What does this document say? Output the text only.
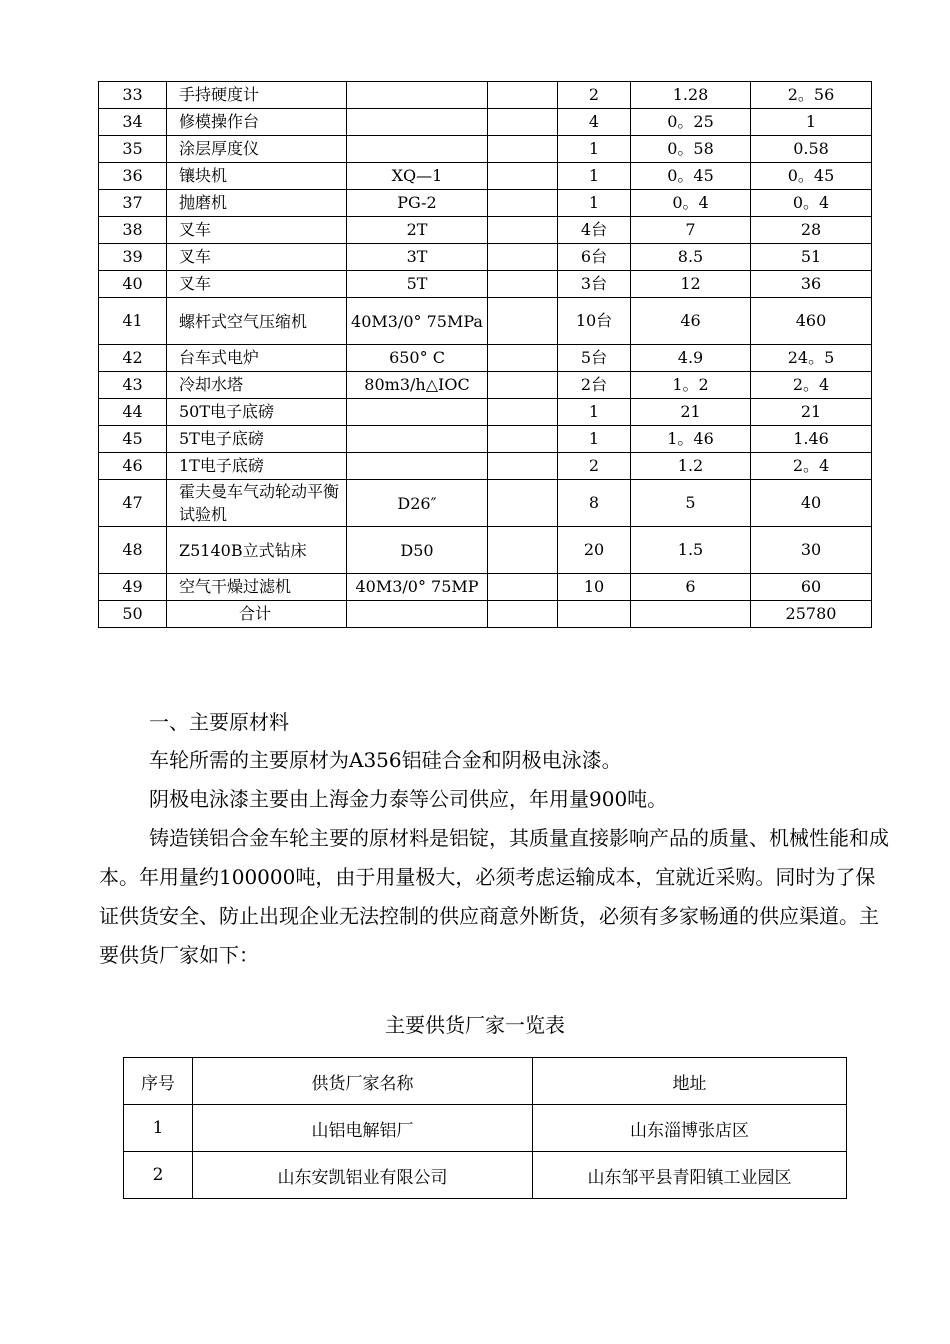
33	手持硬度计			2	1.28	2。56
34	修模操作台			4	0。25	1
35	涂层厚度仪			1	0。58	0.58
36	镶块机	XQ—1		1	0。45	0。45
37	抛磨机	PG-2		1	0。4	0。4
38	叉车	2T		4台	7	28
39	叉车	3T		6台	8.5	51
40	叉车	5T		3台	12	36
41	螺杆式空气压缩机	40M3/0° 75MPa		10台	46	460
42	台车式电炉	650° C		5台	4.9	24。5
43	冷却水塔	80m3/h△IOC		2台	1。2	2。4
44	50T电子底磅			1	21	21
45	5T电子底磅			1	1。46	1.46
46	1T电子底磅			2	1.2	2。4
47	霍夫曼车气动轮动平衡试验机	D26″		8	5	40
48	Z5140B立式钻床	D50		20	1.5	30
49	空气干燥过滤机	40M3/0° 75MP		10	6	60
50	合计					25780

一、主要原材料

车轮所需的主要原材为A356铝硅合金和阴极电泳漆。

阴极电泳漆主要由上海金力泰等公司供应，年用量900吨。

铸造镁铝合金车轮主要的原材料是铝锭，其质量直接影响产品的质量、机械性能和成本。年用量约100000吨，由于用量极大，必须考虑运输成本，宜就近采购。同时为了保证供货安全、防止出现企业无法控制的供应商意外断货，必须有多家畅通的供应渠道。主要供货厂家如下：

主要供货厂家一览表
序号	供货厂家名称	地址
1	山铝电解铝厂	山东淄博张店区
2	山东安凯铝业有限公司	山东邹平县青阳镇工业园区
